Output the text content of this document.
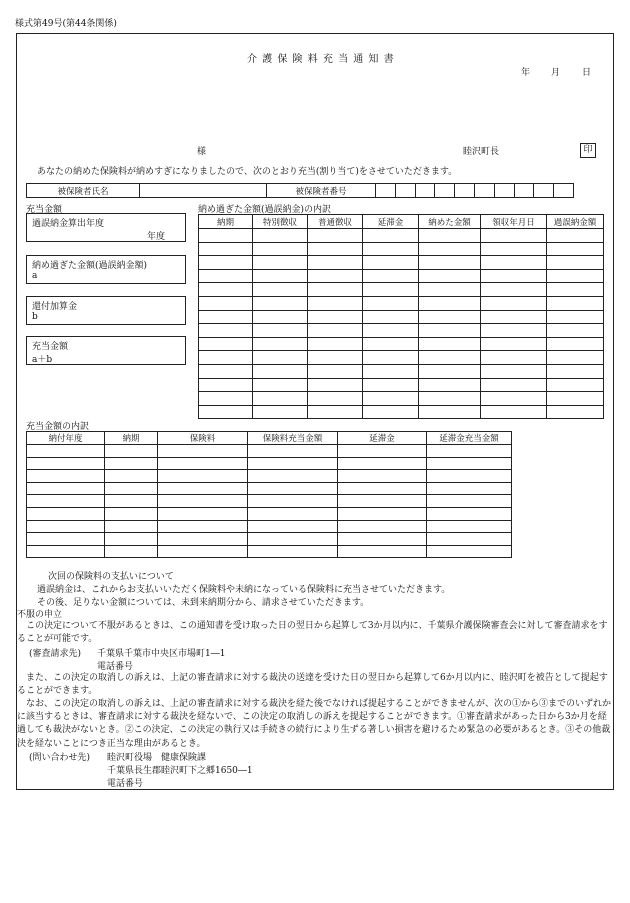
様式第49号(第44条関係)
介 護 保 険 料 充 当 通 知 書
年 月 日
様	睦沢町長	印
あなたの納めた保険料が納めすぎになりましたので、次のとおり充当(割り当て)をさせていただきます。
被保険者氏名		被保険者番号										
充当金額
過誤納金算出年度
年度
納め過ぎた金額(過誤納金額)
a
還付加算金
b
充当金額
a＋b
納め過ぎた金額(過誤納金)の内訳
納期	特別徴収	普通徴収	延滞金	納めた金額	領収年月日	過誤納金額

充当金額の内訳
納付年度	納期	保険料	保険料充当金額	延滞金	延滞金充当金額

次回の保険料の支払いについて
過誤納金は、これからお支払いいただく保険料や未納になっている保険料に充当させていただきます。
その後、足りない金額については、未到来納期分から、請求させていただきます。
不服の申立
この決定について不服があるときは、この通知書を受け取った日の翌日から起算して3か月以内に、千葉県介護保険審査会に対して審査請求をすることが可能です。
(審査請求先) 千葉県千葉市中央区市場町1―1
電話番号
また、この決定の取消しの訴えは、上記の審査請求に対する裁決の送達を受けた日の翌日から起算して6か月以内に、睦沢町を被告として提起することができます。
なお、この決定の取消しの訴えは、上記の審査請求に対する裁決を経た後でなければ提起することができませんが、次の①から③までのいずれかに該当するときは、審査請求に対する裁決を経ないで、この決定の取消しの訴えを提起することができます。①審査請求があった日から3か月を経過しても裁決がないとき。②この決定、この決定の執行又は手続きの続行により生ずる著しい損害を避けるため緊急の必要があるとき。③その他裁決を経ないことにつき正当な理由があるとき。
(問い合わせ先) 睦沢町役場　健康保険課
千葉県長生郡睦沢町下之郷1650―1
電話番号
